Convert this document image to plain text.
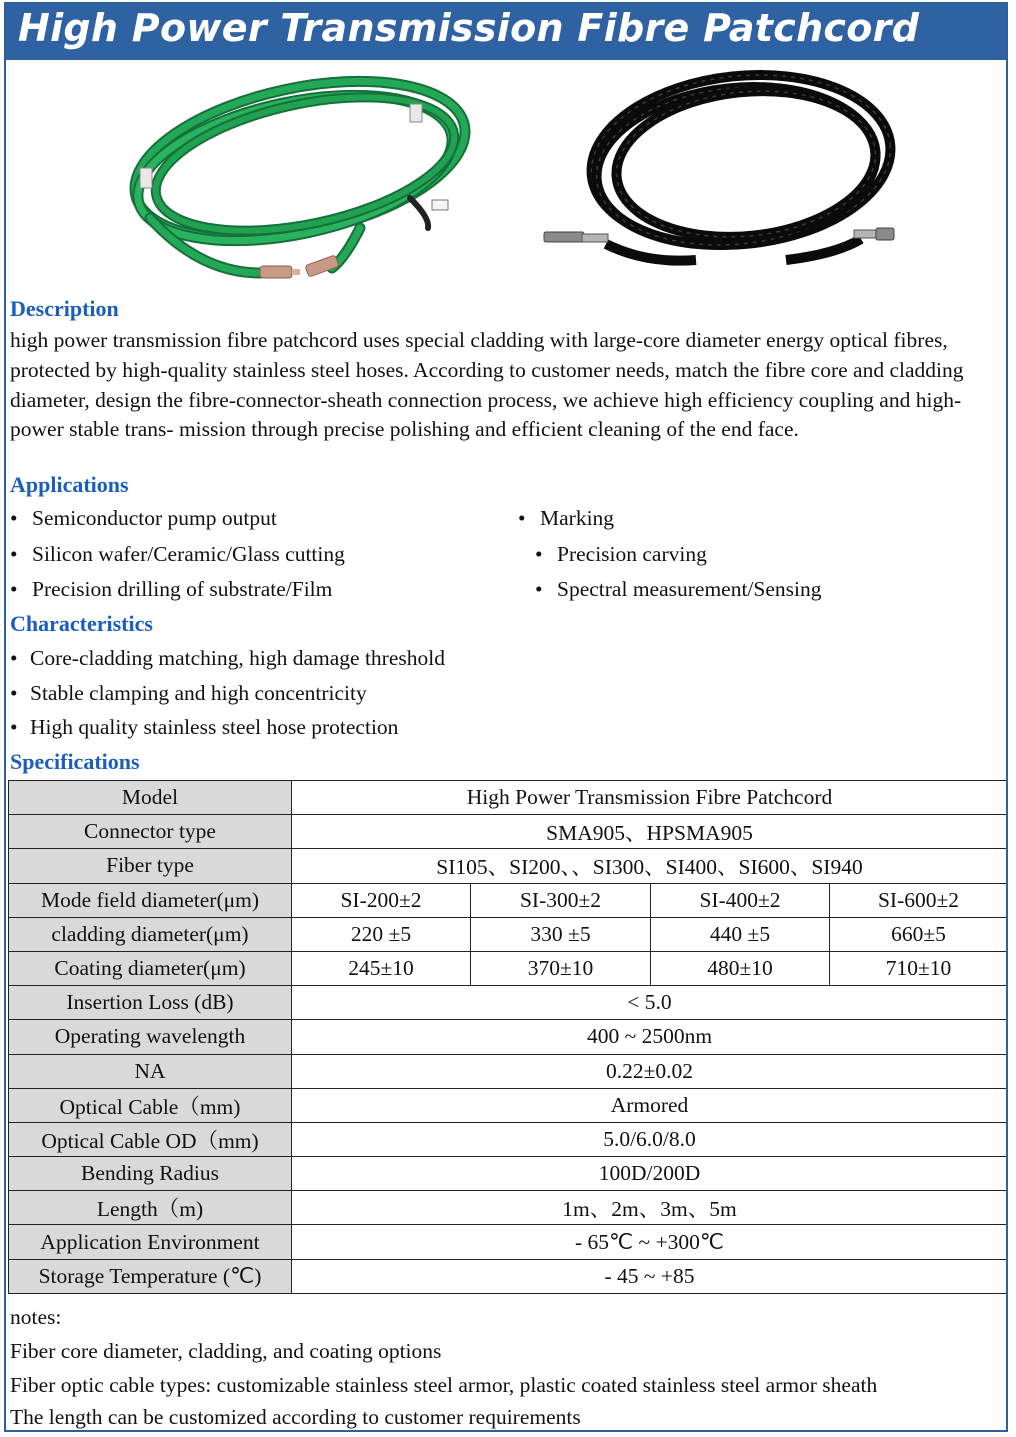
High Power Transmission Fibre Patchcord
Description
high power transmission fibre patchcord uses special cladding with large-core diameter energy optical fibres, protected by high-quality stainless steel hoses. According to customer needs, match the fibre core and cladding diameter, design the fibre-connector-sheath connection process, we achieve high efficiency coupling and high-power stable trans- mission through precise polishing and efficient cleaning of the end face.
Applications
• Semiconductor pump output
• Silicon wafer/Ceramic/Glass cutting
• Precision drilling of substrate/Film
• Marking
• Precision carving
• Spectral measurement/Sensing
Characteristics
• Core-cladding matching, high damage threshold
• Stable clamping and high concentricity
• High quality stainless steel hose protection
Specifications
Model	High Power Transmission Fibre Patchcord			
Connector type	SMA905、HPSMA905			
Fiber type	SI105、SI200、、SI300、SI400、SI600、SI940			
Mode field diameter(μm)	SI-200±2	SI-300±2	SI-400±2	SI-600±2
cladding diameter(μm)	220 ±5	330 ±5	440 ±5	660±5
Coating diameter(μm)	245±10	370±10	480±10	710±10
Insertion Loss (dB)	< 5.0			
Operating wavelength	400 ~ 2500nm			
NA	0.22±0.02			
Optical Cable（mm)	Armored			
Optical Cable OD（mm)	5.0/6.0/8.0			
Bending Radius	100D/200D			
Length（m)	1m、2m、3m、5m			
Application Environment	- 65℃ ~ +300℃			
Storage Temperature (℃)	- 45 ~ +85			
notes:
Fiber core diameter, cladding, and coating options
Fiber optic cable types: customizable stainless steel armor, plastic coated stainless steel armor sheath
The length can be customized according to customer requirements
